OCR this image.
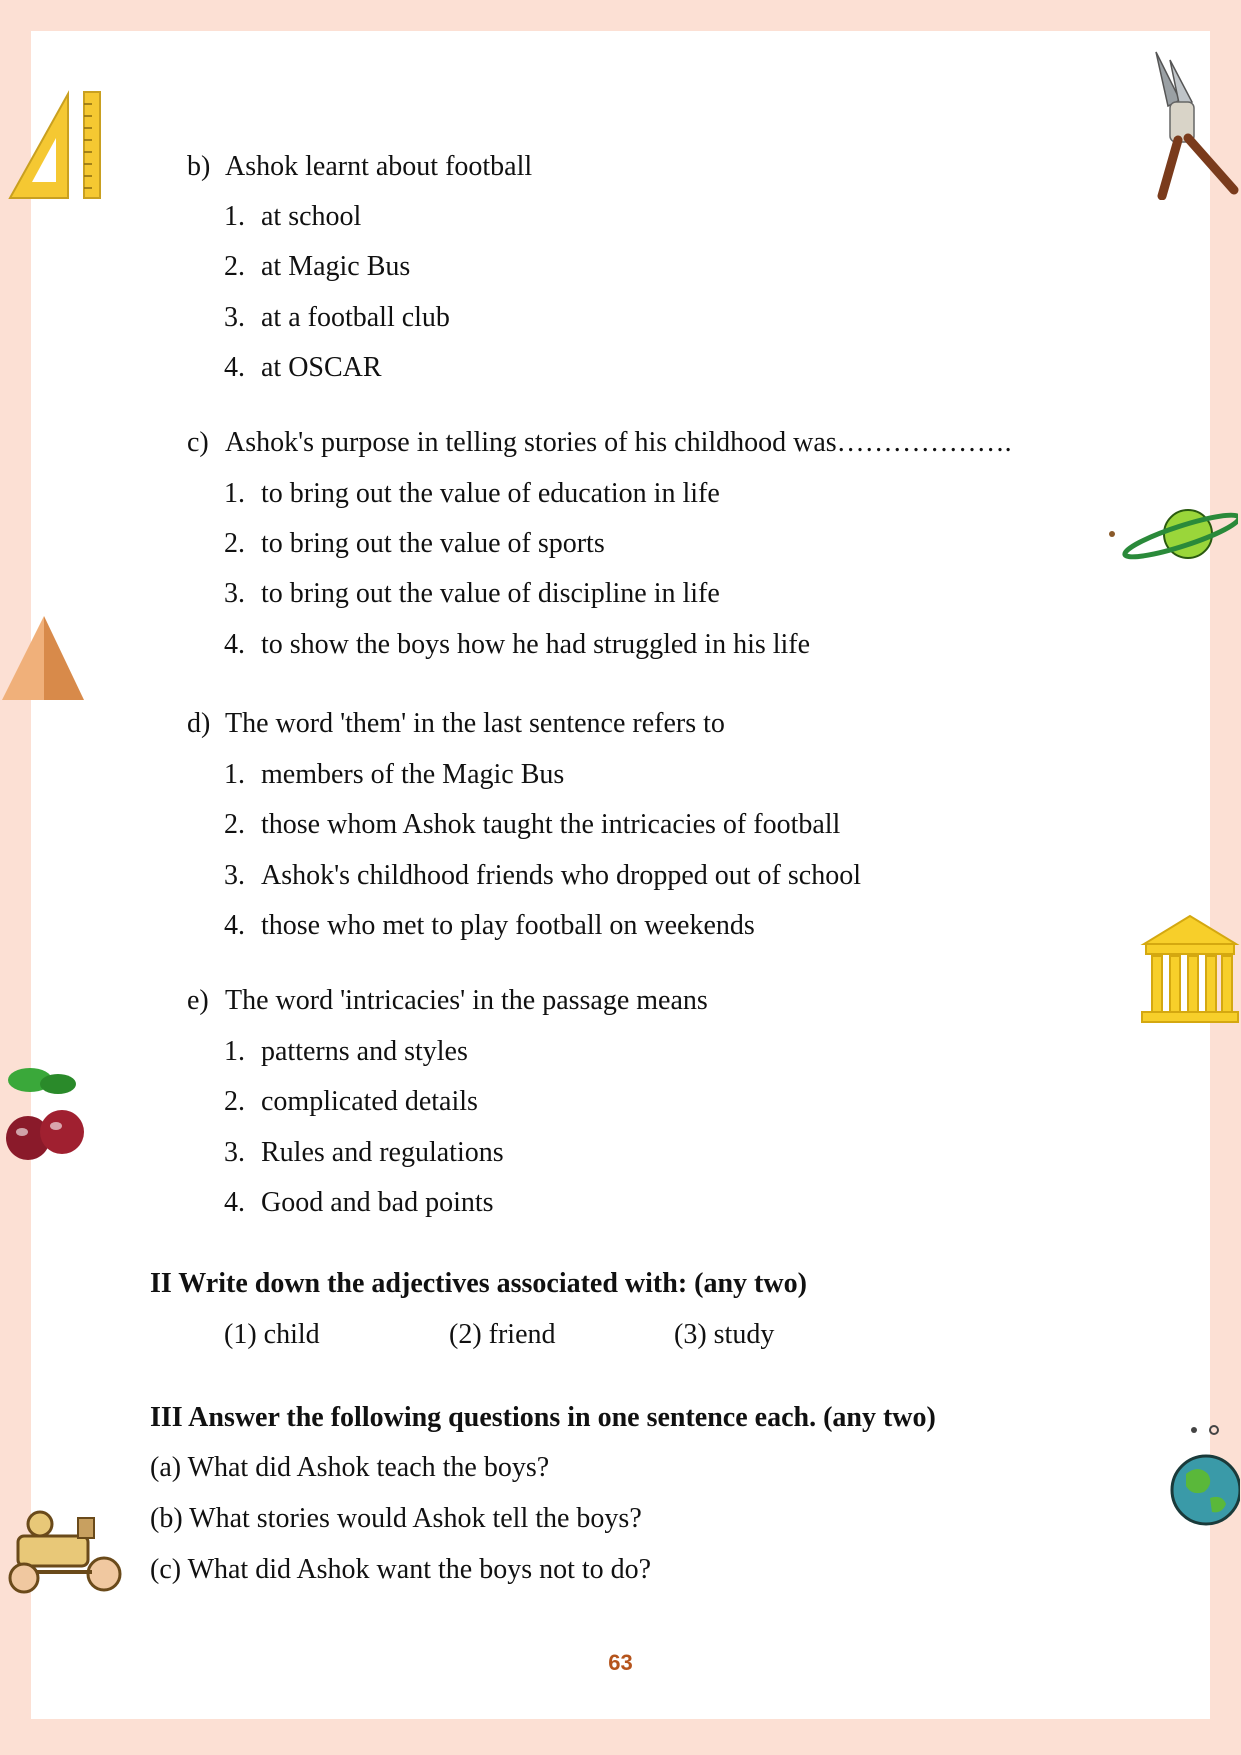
b) Ashok learnt about football
1. at school
2. at Magic Bus
3. at a football club
4. at OSCAR
c) Ashok's purpose in telling stories of his childhood was……………….
1. to bring out the value of education in life
2. to bring out the value of sports
3. to bring out the value of discipline in life
4. to show the boys how he had struggled in his life
d) The word 'them' in the last sentence refers to
1. members of the Magic Bus
2. those whom Ashok taught the intricacies of football
3. Ashok's childhood friends who dropped out of school
4. those who met to play football on weekends
e) The word 'intricacies' in the passage means
1. patterns and styles
2. complicated details
3. Rules and regulations
4. Good and bad points
II Write down the adjectives associated with: (any two)
(1) child	(2) friend	(3) study
III Answer the following questions in one sentence each. (any two)
(a) What did Ashok teach the boys?
(b) What stories would Ashok tell the boys?
(c) What did Ashok want the boys not to do?
63
